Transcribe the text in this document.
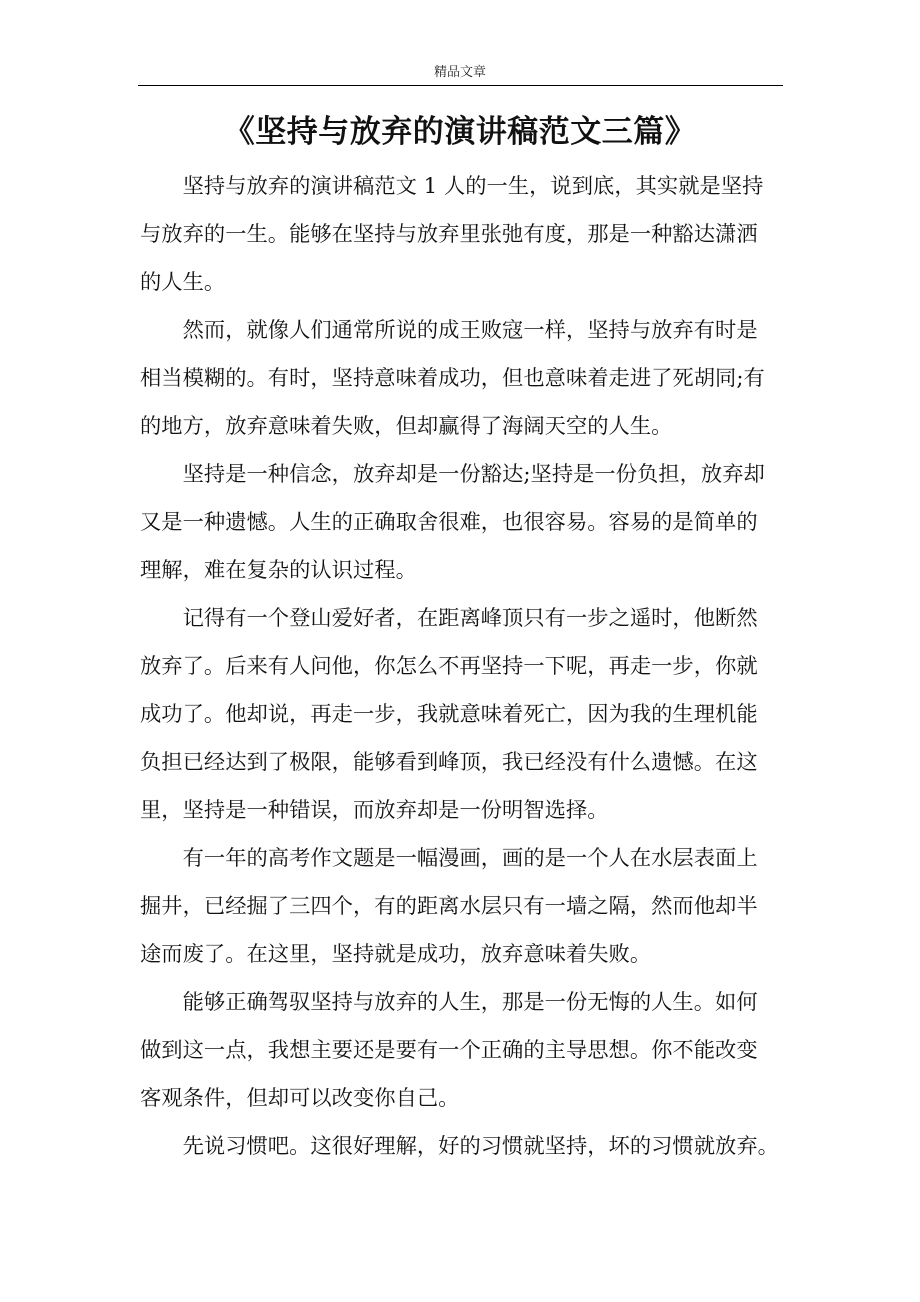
精品文章
《坚持与放弃的演讲稿范文三篇》

坚持与放弃的演讲稿范文 1 人的一生，说到底，其实就是坚持
与放弃的一生。能够在坚持与放弃里张弛有度，那是一种豁达潇洒
的人生。

然而，就像人们通常所说的成王败寇一样，坚持与放弃有时是
相当模糊的。有时，坚持意味着成功，但也意味着走进了死胡同;有
的地方，放弃意味着失败，但却赢得了海阔天空的人生。

坚持是一种信念，放弃却是一份豁达;坚持是一份负担，放弃却
又是一种遗憾。人生的正确取舍很难，也很容易。容易的是简单的
理解，难在复杂的认识过程。

记得有一个登山爱好者，在距离峰顶只有一步之遥时，他断然
放弃了。后来有人问他，你怎么不再坚持一下呢，再走一步，你就
成功了。他却说，再走一步，我就意味着死亡，因为我的生理机能
负担已经达到了极限，能够看到峰顶，我已经没有什么遗憾。在这
里，坚持是一种错误，而放弃却是一份明智选择。

有一年的高考作文题是一幅漫画，画的是一个人在水层表面上
掘井，已经掘了三四个，有的距离水层只有一墙之隔，然而他却半
途而废了。在这里，坚持就是成功，放弃意味着失败。

能够正确驾驭坚持与放弃的人生，那是一份无悔的人生。如何
做到这一点，我想主要还是要有一个正确的主导思想。你不能改变
客观条件，但却可以改变你自己。

先说习惯吧。这很好理解，好的习惯就坚持，坏的习惯就放弃。
